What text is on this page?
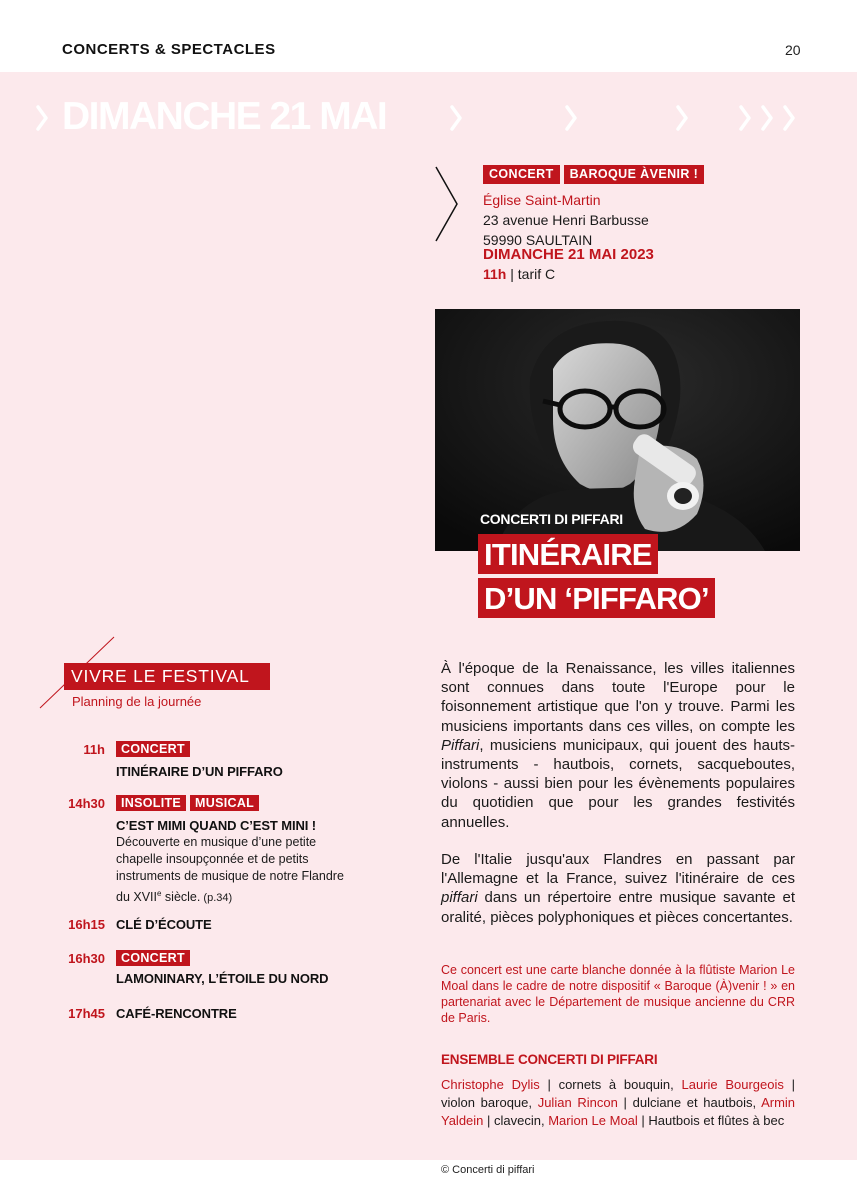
CONCERTS & SPECTACLES	20
DIMANCHE 21 MAI
CONCERT	BAROQUE ÀVENIR !
Église Saint-Martin
23 avenue Henri Barbusse
59990 SAULTAIN
DIMANCHE 21 MAI 2023
11h | tarif C
CONCERTI DI PIFFARI
ITINÉRAIRE
D’UN ‘PIFFARO’
VIVRE LE FESTIVAL
Planning de la journée
11h	CONCERT
ITINÉRAIRE D’UN PIFFARO
14h30	INSOLITE	MUSICAL
C’EST MIMI QUAND C’EST MINI !
Découverte en musique d’une petite chapelle insoupçonnée et de petits instruments de musique de notre Flandre du XVIIe siècle. (p.34)
16h15 CLÉ D’ÉCOUTE
16h30	CONCERT
LAMONINARY, L’ÉTOILE DU NORD
17h45 CAFÉ-RENCONTRE
À l'époque de la Renaissance, les villes italiennes sont connues dans toute l'Europe pour le foisonnement artistique que l'on y trouve. Parmi les musiciens importants dans ces villes, on compte les Piffari, musiciens municipaux, qui jouent des hauts-instruments - hautbois, cornets, sacqueboutes, violons - aussi bien pour les évènements populaires du quotidien que pour les grandes festivités annuelles.
De l'Italie jusqu'aux Flandres en passant par l'Allemagne et la France, suivez l'itinéraire de ces piffari dans un répertoire entre musique savante et oralité, pièces polyphoniques et pièces concertantes.
Ce concert est une carte blanche donnée à la flûtiste Marion Le Moal dans le cadre de notre dispositif « Baroque (À)venir ! » en partenariat avec le Département de musique ancienne du CRR de Paris.
ENSEMBLE CONCERTI DI PIFFARI
Christophe Dylis | cornets à bouquin, Laurie Bourgeois | violon baroque, Julian Rincon | dulciane et hautbois, Armin Yaldein | clavecin, Marion Le Moal | Hautbois et flûtes à bec
© Concerti di piffari
